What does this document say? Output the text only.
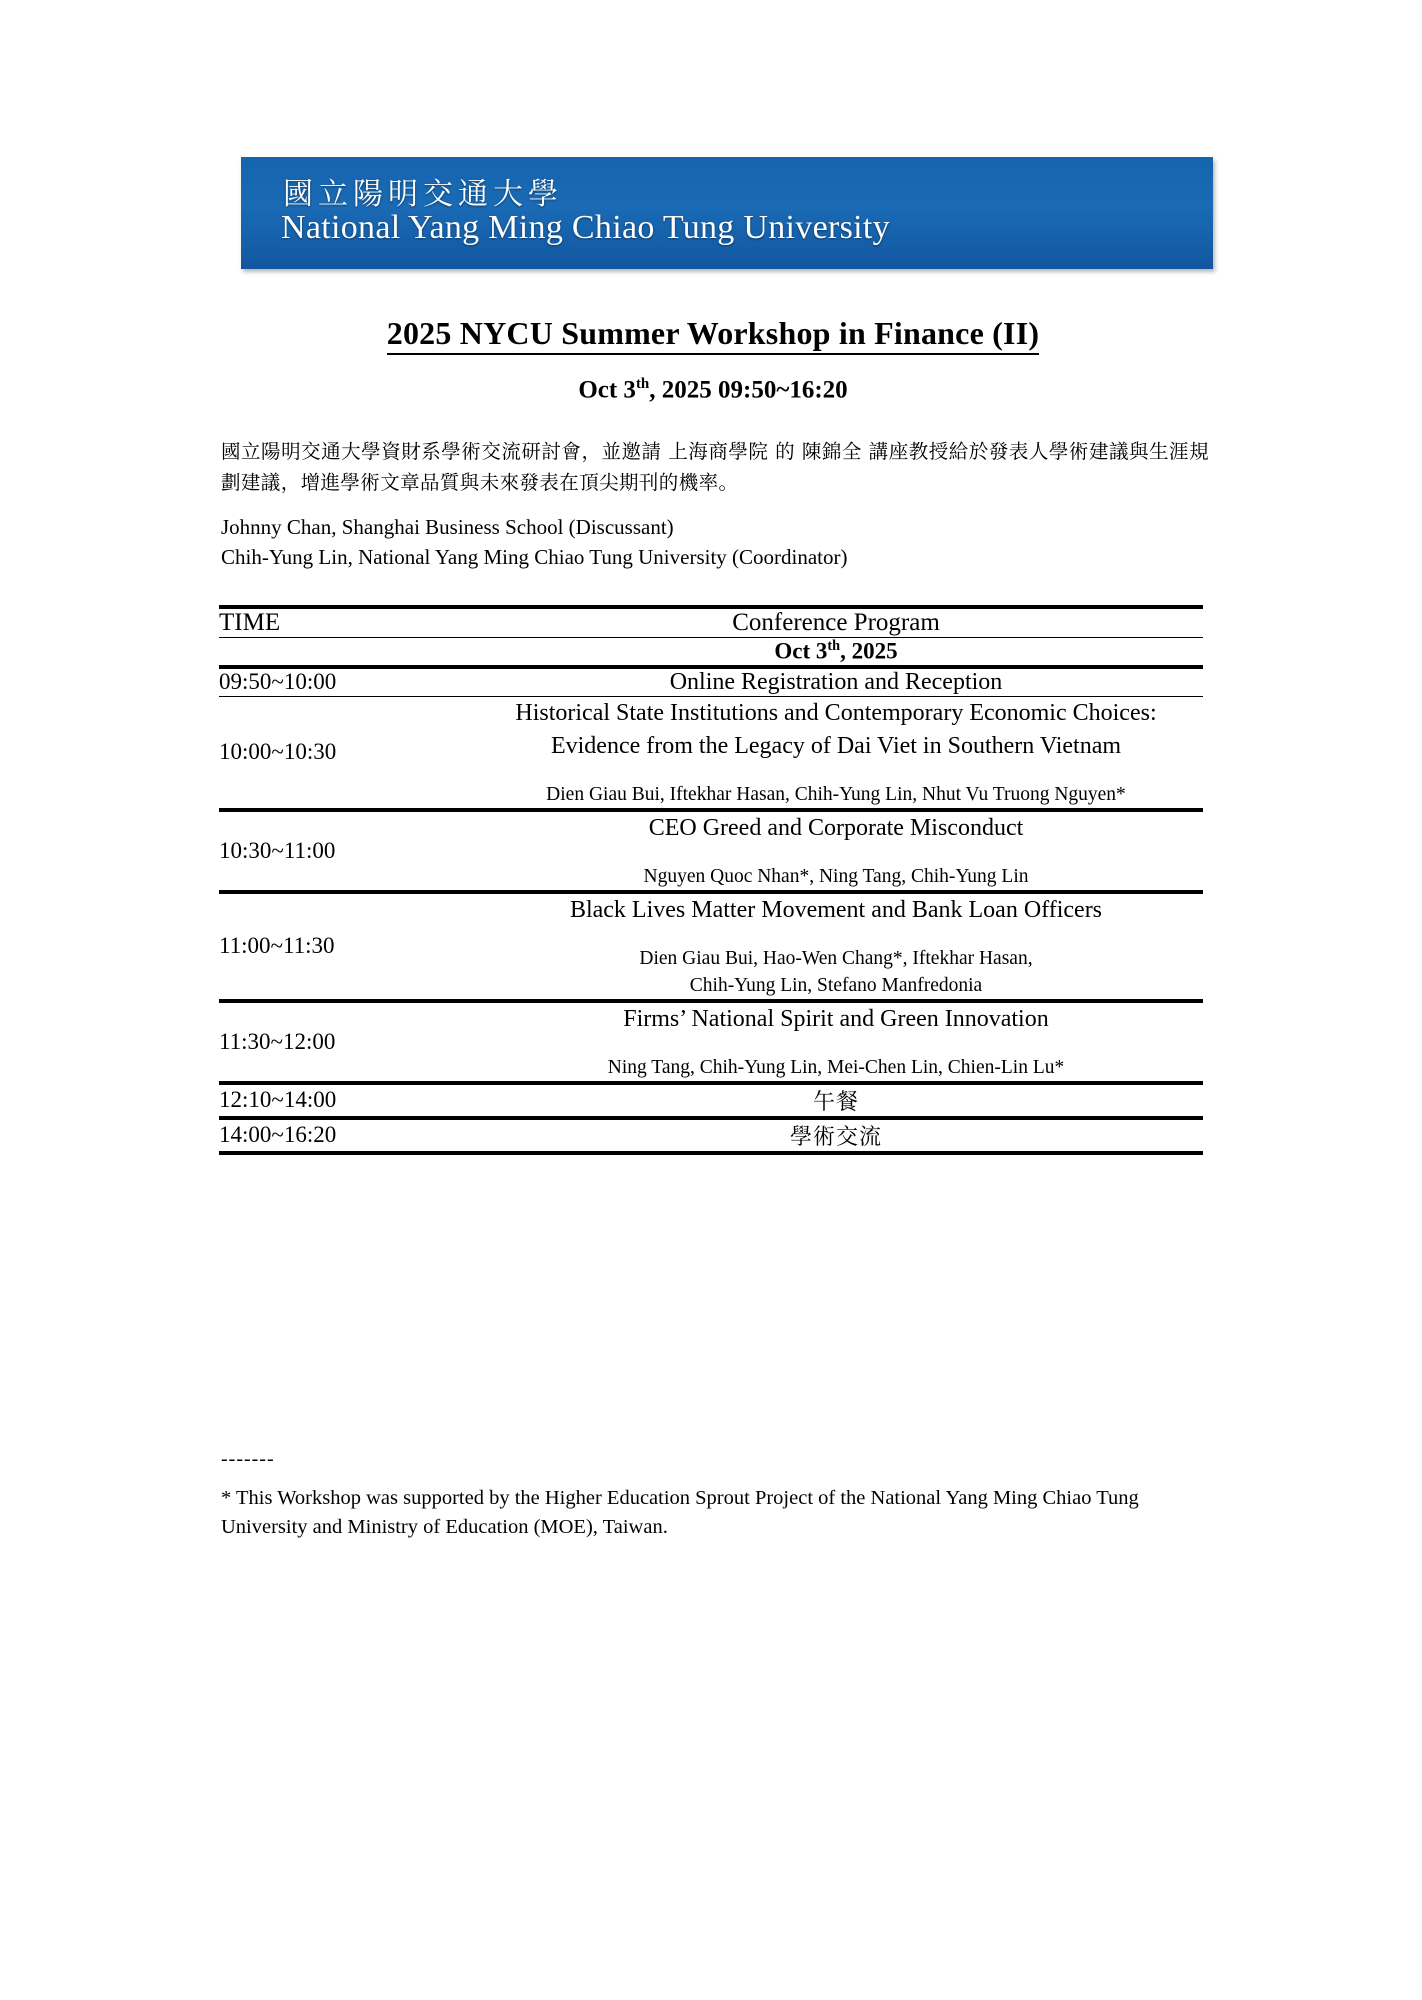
國立陽明交通大學
National Yang Ming Chiao Tung University
2025 NYCU Summer Workshop in Finance (II)
Oct 3th, 2025 09:50~16:20
國立陽明交通大學資財系學術交流研討會，並邀請 上海商學院 的 陳錦全 講座教授給於發表人學術建議與生涯規劃建議，增進學術文章品質與未來發表在頂尖期刊的機率。
Johnny Chan, Shanghai Business School (Discussant)
Chih-Yung Lin, National Yang Ming Chiao Tung University (Coordinator)
TIME	Conference Program
	Oct 3th, 2025
09:50~10:00	Online Registration and Reception
10:00~10:30	Historical State Institutions and Contemporary Economic Choices:
Evidence from the Legacy of Dai Viet in Southern Vietnam
Dien Giau Bui, Iftekhar Hasan, Chih-Yung Lin, Nhut Vu Truong Nguyen*

10:30~11:00	CEO Greed and Corporate Misconduct
Nguyen Quoc Nhan*, Ning Tang, Chih-Yung Lin

11:00~11:30	Black Lives Matter Movement and Bank Loan Officers
Dien Giau Bui, Hao-Wen Chang*, Iftekhar Hasan,
Chih-Yung Lin, Stefano Manfredonia

11:30~12:00	Firms’ National Spirit and Green Innovation
Ning Tang, Chih-Yung Lin, Mei-Chen Lin, Chien-Lin Lu*

12:10~14:00	午餐
14:00~16:20	學術交流
-------
* This Workshop was supported by the Higher Education Sprout Project of the National Yang Ming Chiao Tung University and Ministry of Education (MOE), Taiwan.
